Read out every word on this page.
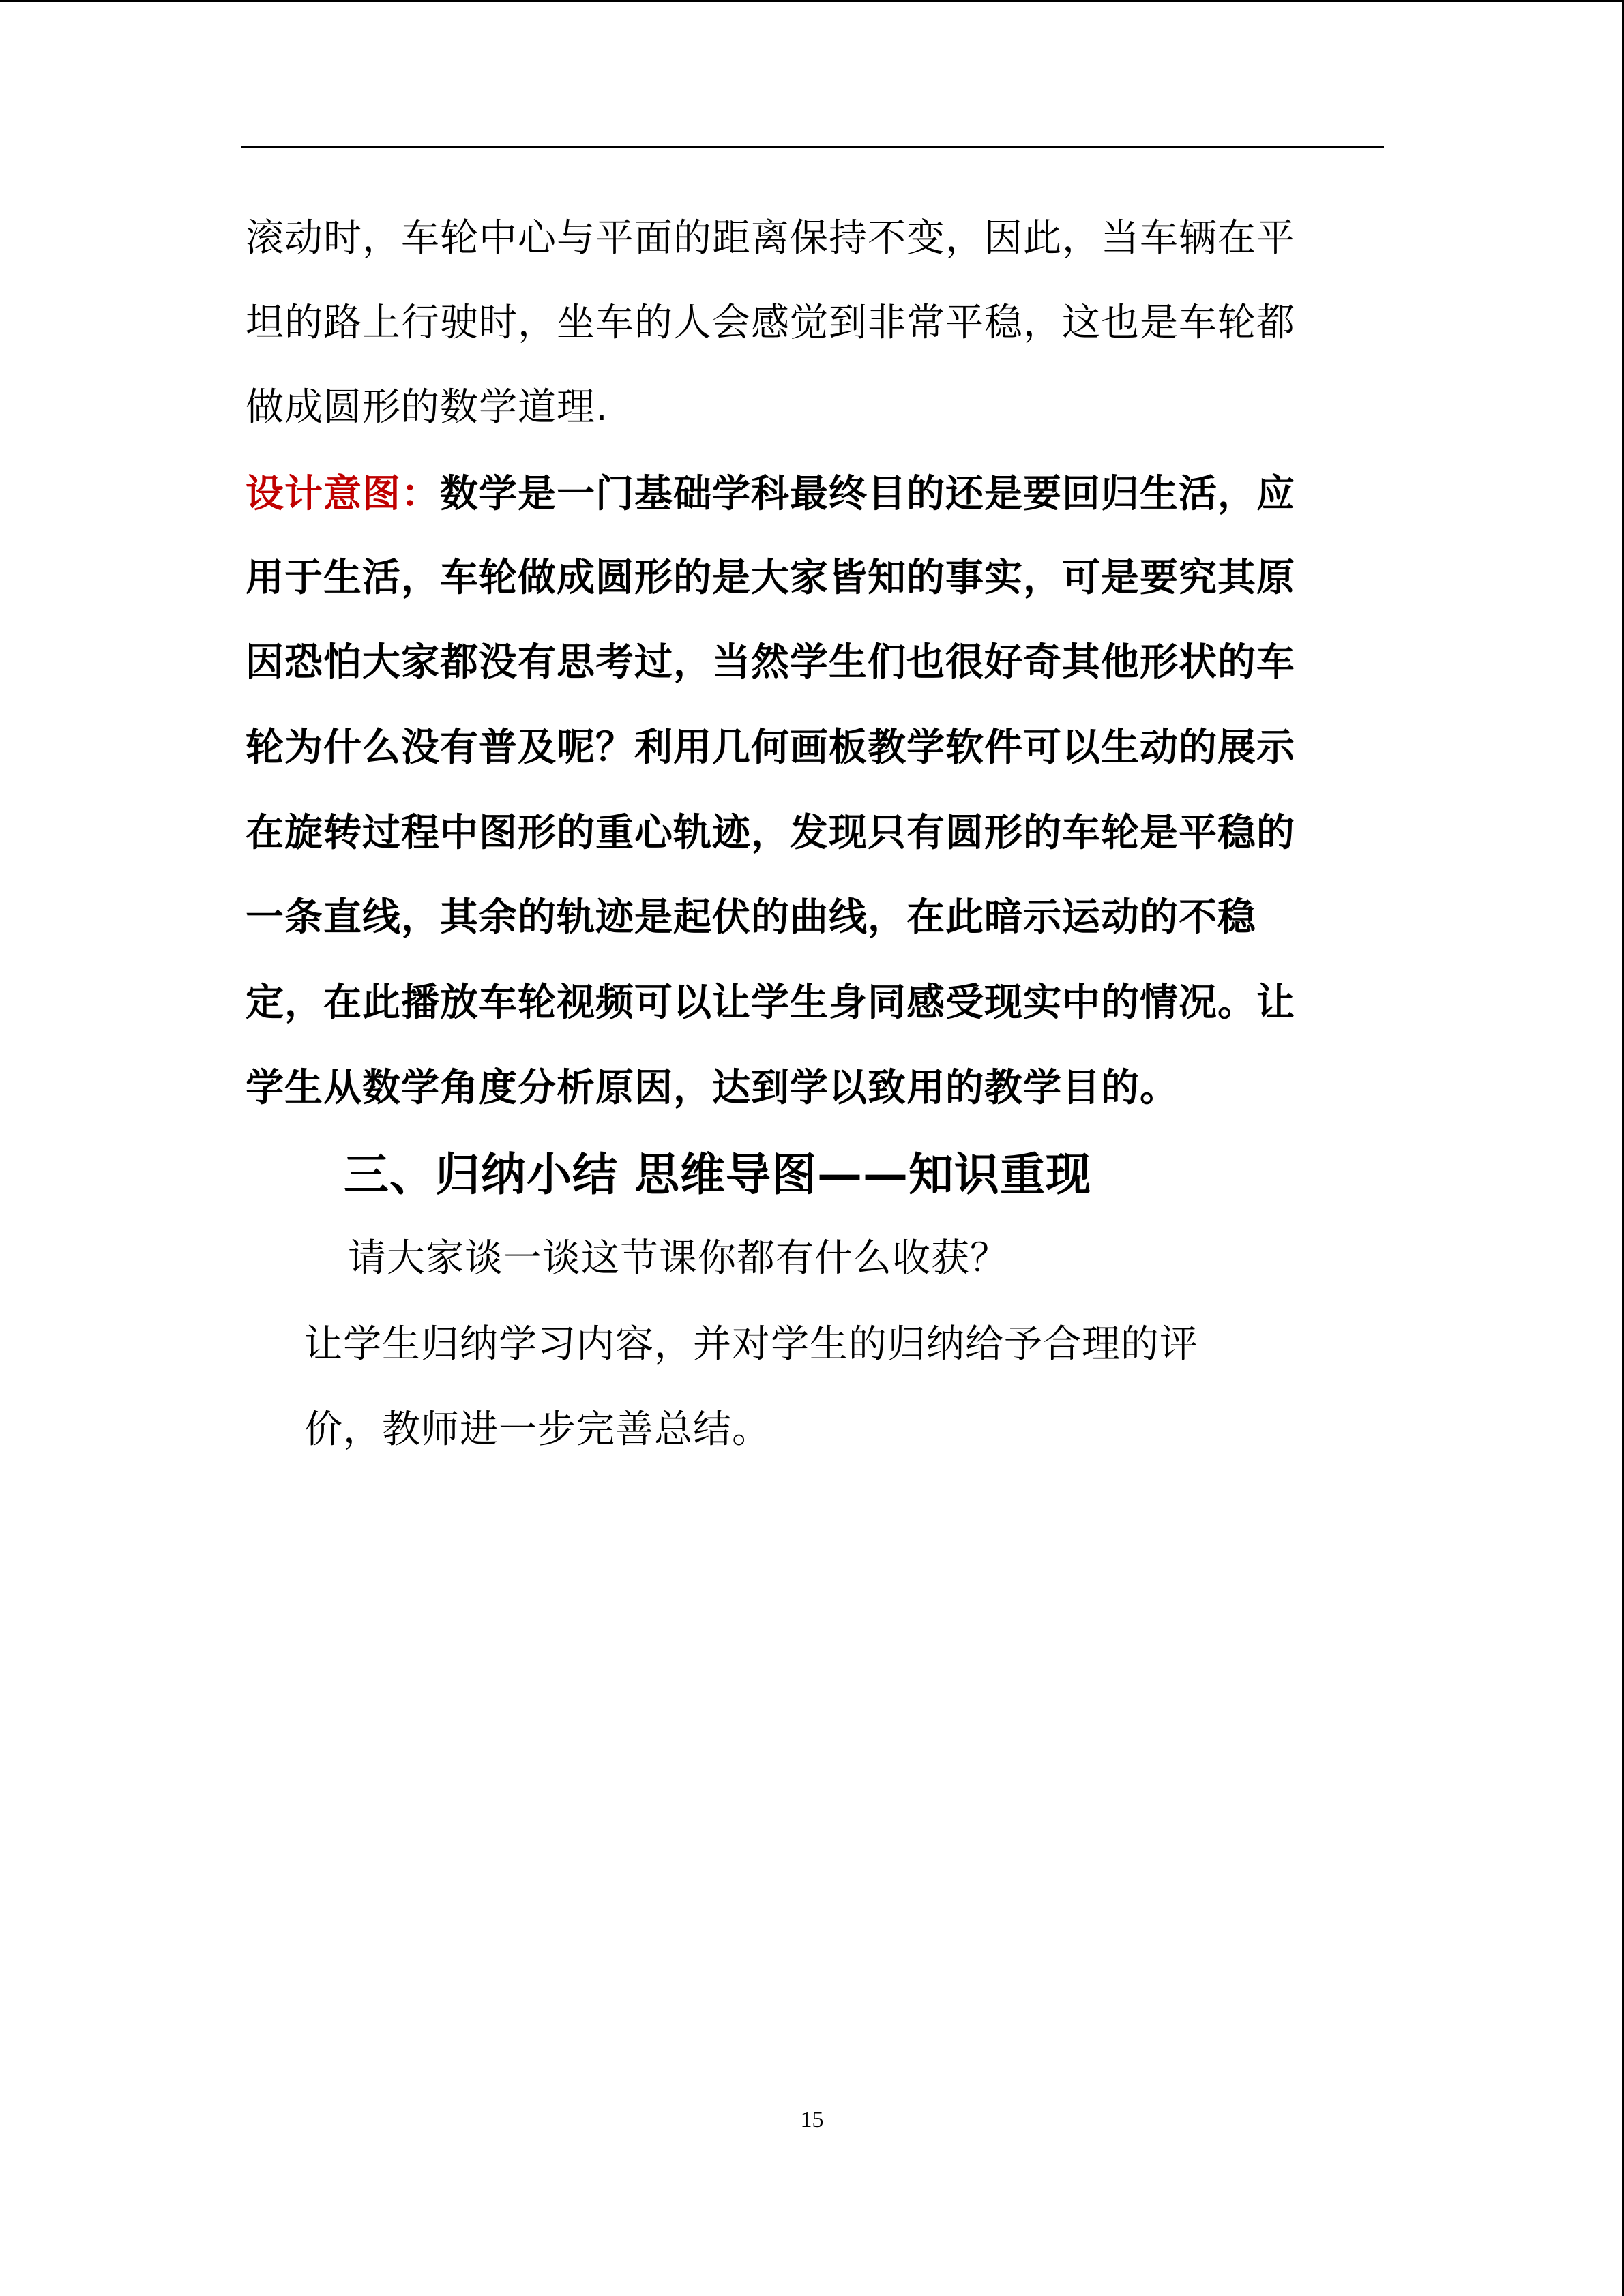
滚动时，车轮中心与平面的距离保持不变，因此，当车辆在平
坦的路上行驶时，坐车的人会感觉到非常平稳，这也是车轮都
做成圆形的数学道理.
设计意图：数学是一门基础学科最终目的还是要回归生活，应
用于生活，车轮做成圆形的是大家皆知的事实，可是要究其原
因恐怕大家都没有思考过，当然学生们也很好奇其他形状的车
轮为什么没有普及呢？利用几何画板教学软件可以生动的展示
在旋转过程中图形的重心轨迹，发现只有圆形的车轮是平稳的
一条直线，其余的轨迹是起伏的曲线，在此暗示运动的不稳
定，在此播放车轮视频可以让学生身同感受现实中的情况。让
学生从数学角度分析原因，达到学以致用的教学目的。
三、归纳小结 思维导图——知识重现
请大家谈一谈这节课你都有什么收获？
让学生归纳学习内容，并对学生的归纳给予合理的评
价，教师进一步完善总结。
15
